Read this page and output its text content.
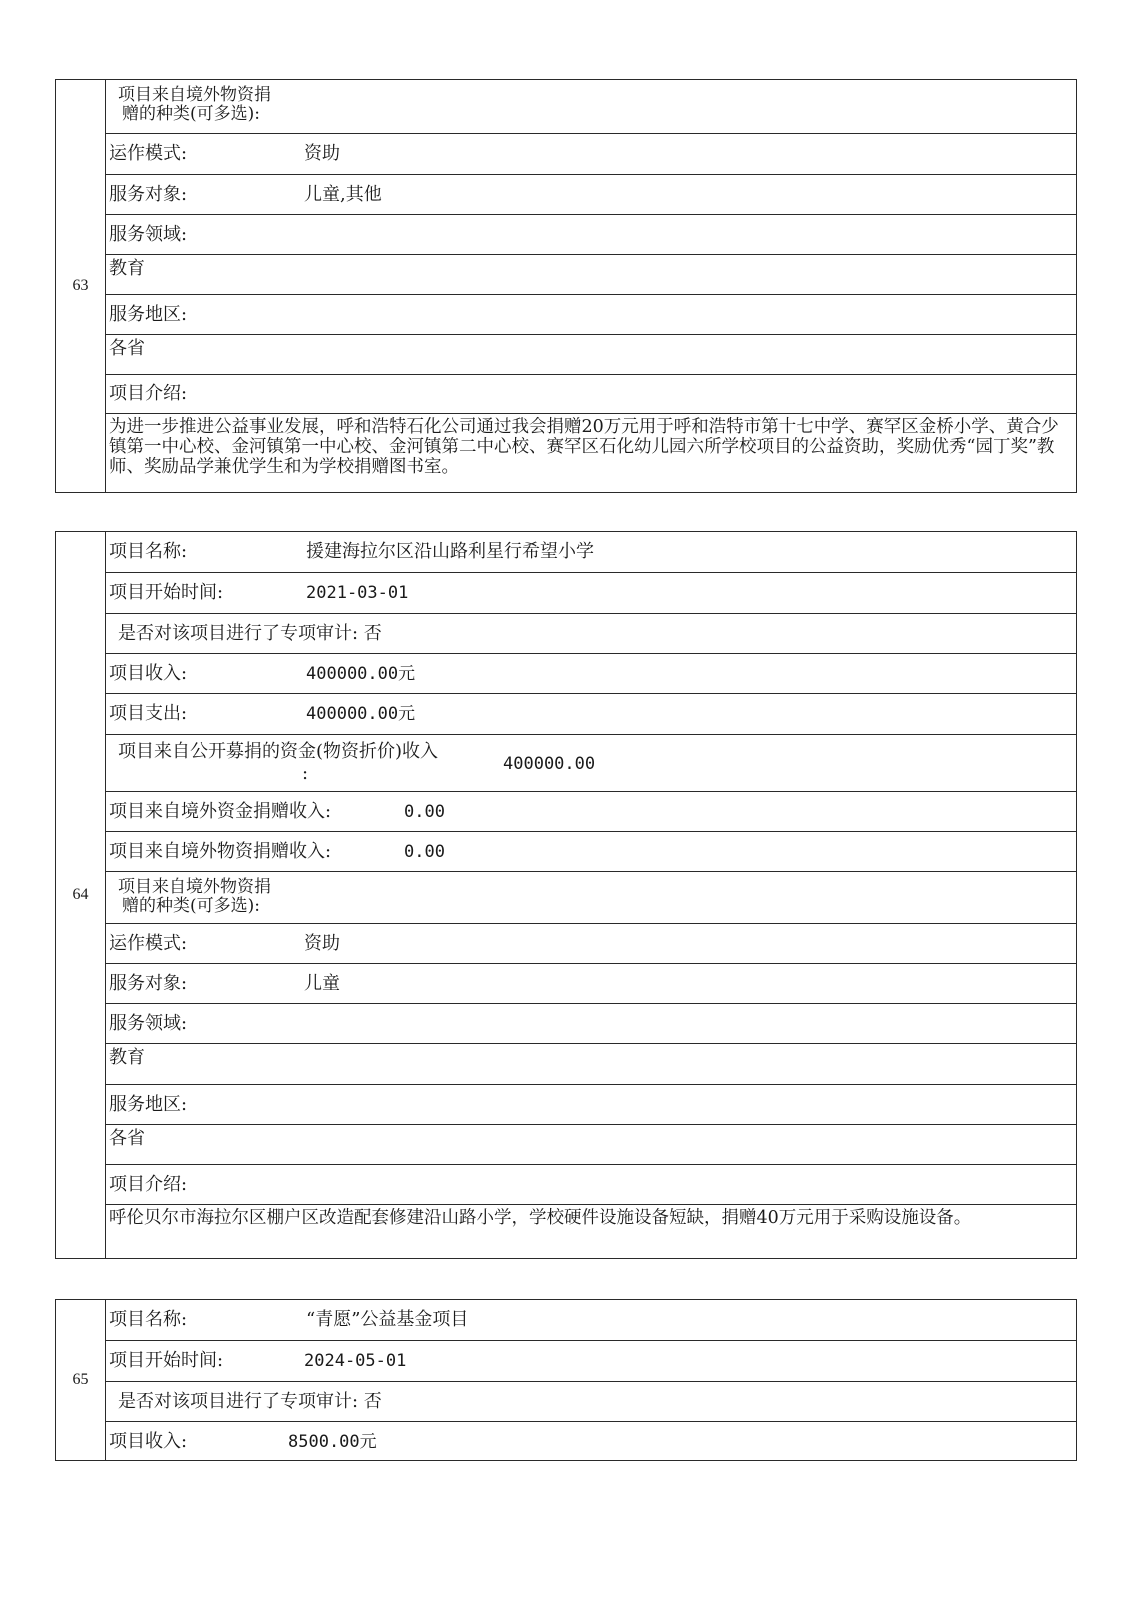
63
项目来自境外物资捐
赠的种类(可多选):
运作模式:	资助
服务对象:	儿童,其他
服务领域:
教育
服务地区:
各省
项目介绍:
为进一步推进公益事业发展，呼和浩特石化公司通过我会捐赠20万元用于呼和浩特市第十七中学、赛罕区金桥小学、黄合少镇第一中心校、金河镇第一中心校、金河镇第二中心校、赛罕区石化幼儿园六所学校项目的公益资助，奖励优秀“园丁奖”教师、奖励品学兼优学生和为学校捐赠图书室。
64
项目名称:	援建海拉尔区沿山路利星行希望小学
项目开始时间:	2021-03-01
是否对该项目进行了专项审计: 否
项目收入:	400000.00元
项目支出:	400000.00元
项目来自公开募捐的资金(物资折价)收入
:	400000.00
项目来自境外资金捐赠收入:	0.00
项目来自境外物资捐赠收入:	0.00
项目来自境外物资捐
赠的种类(可多选):
运作模式:	资助
服务对象:	儿童
服务领域:
教育
服务地区:
各省
项目介绍:
呼伦贝尔市海拉尔区棚户区改造配套修建沿山路小学，学校硬件设施设备短缺，捐赠40万元用于采购设施设备。
65
项目名称:	“青愿”公益基金项目
项目开始时间:	2024-05-01
是否对该项目进行了专项审计: 否
项目收入:	8500.00元
